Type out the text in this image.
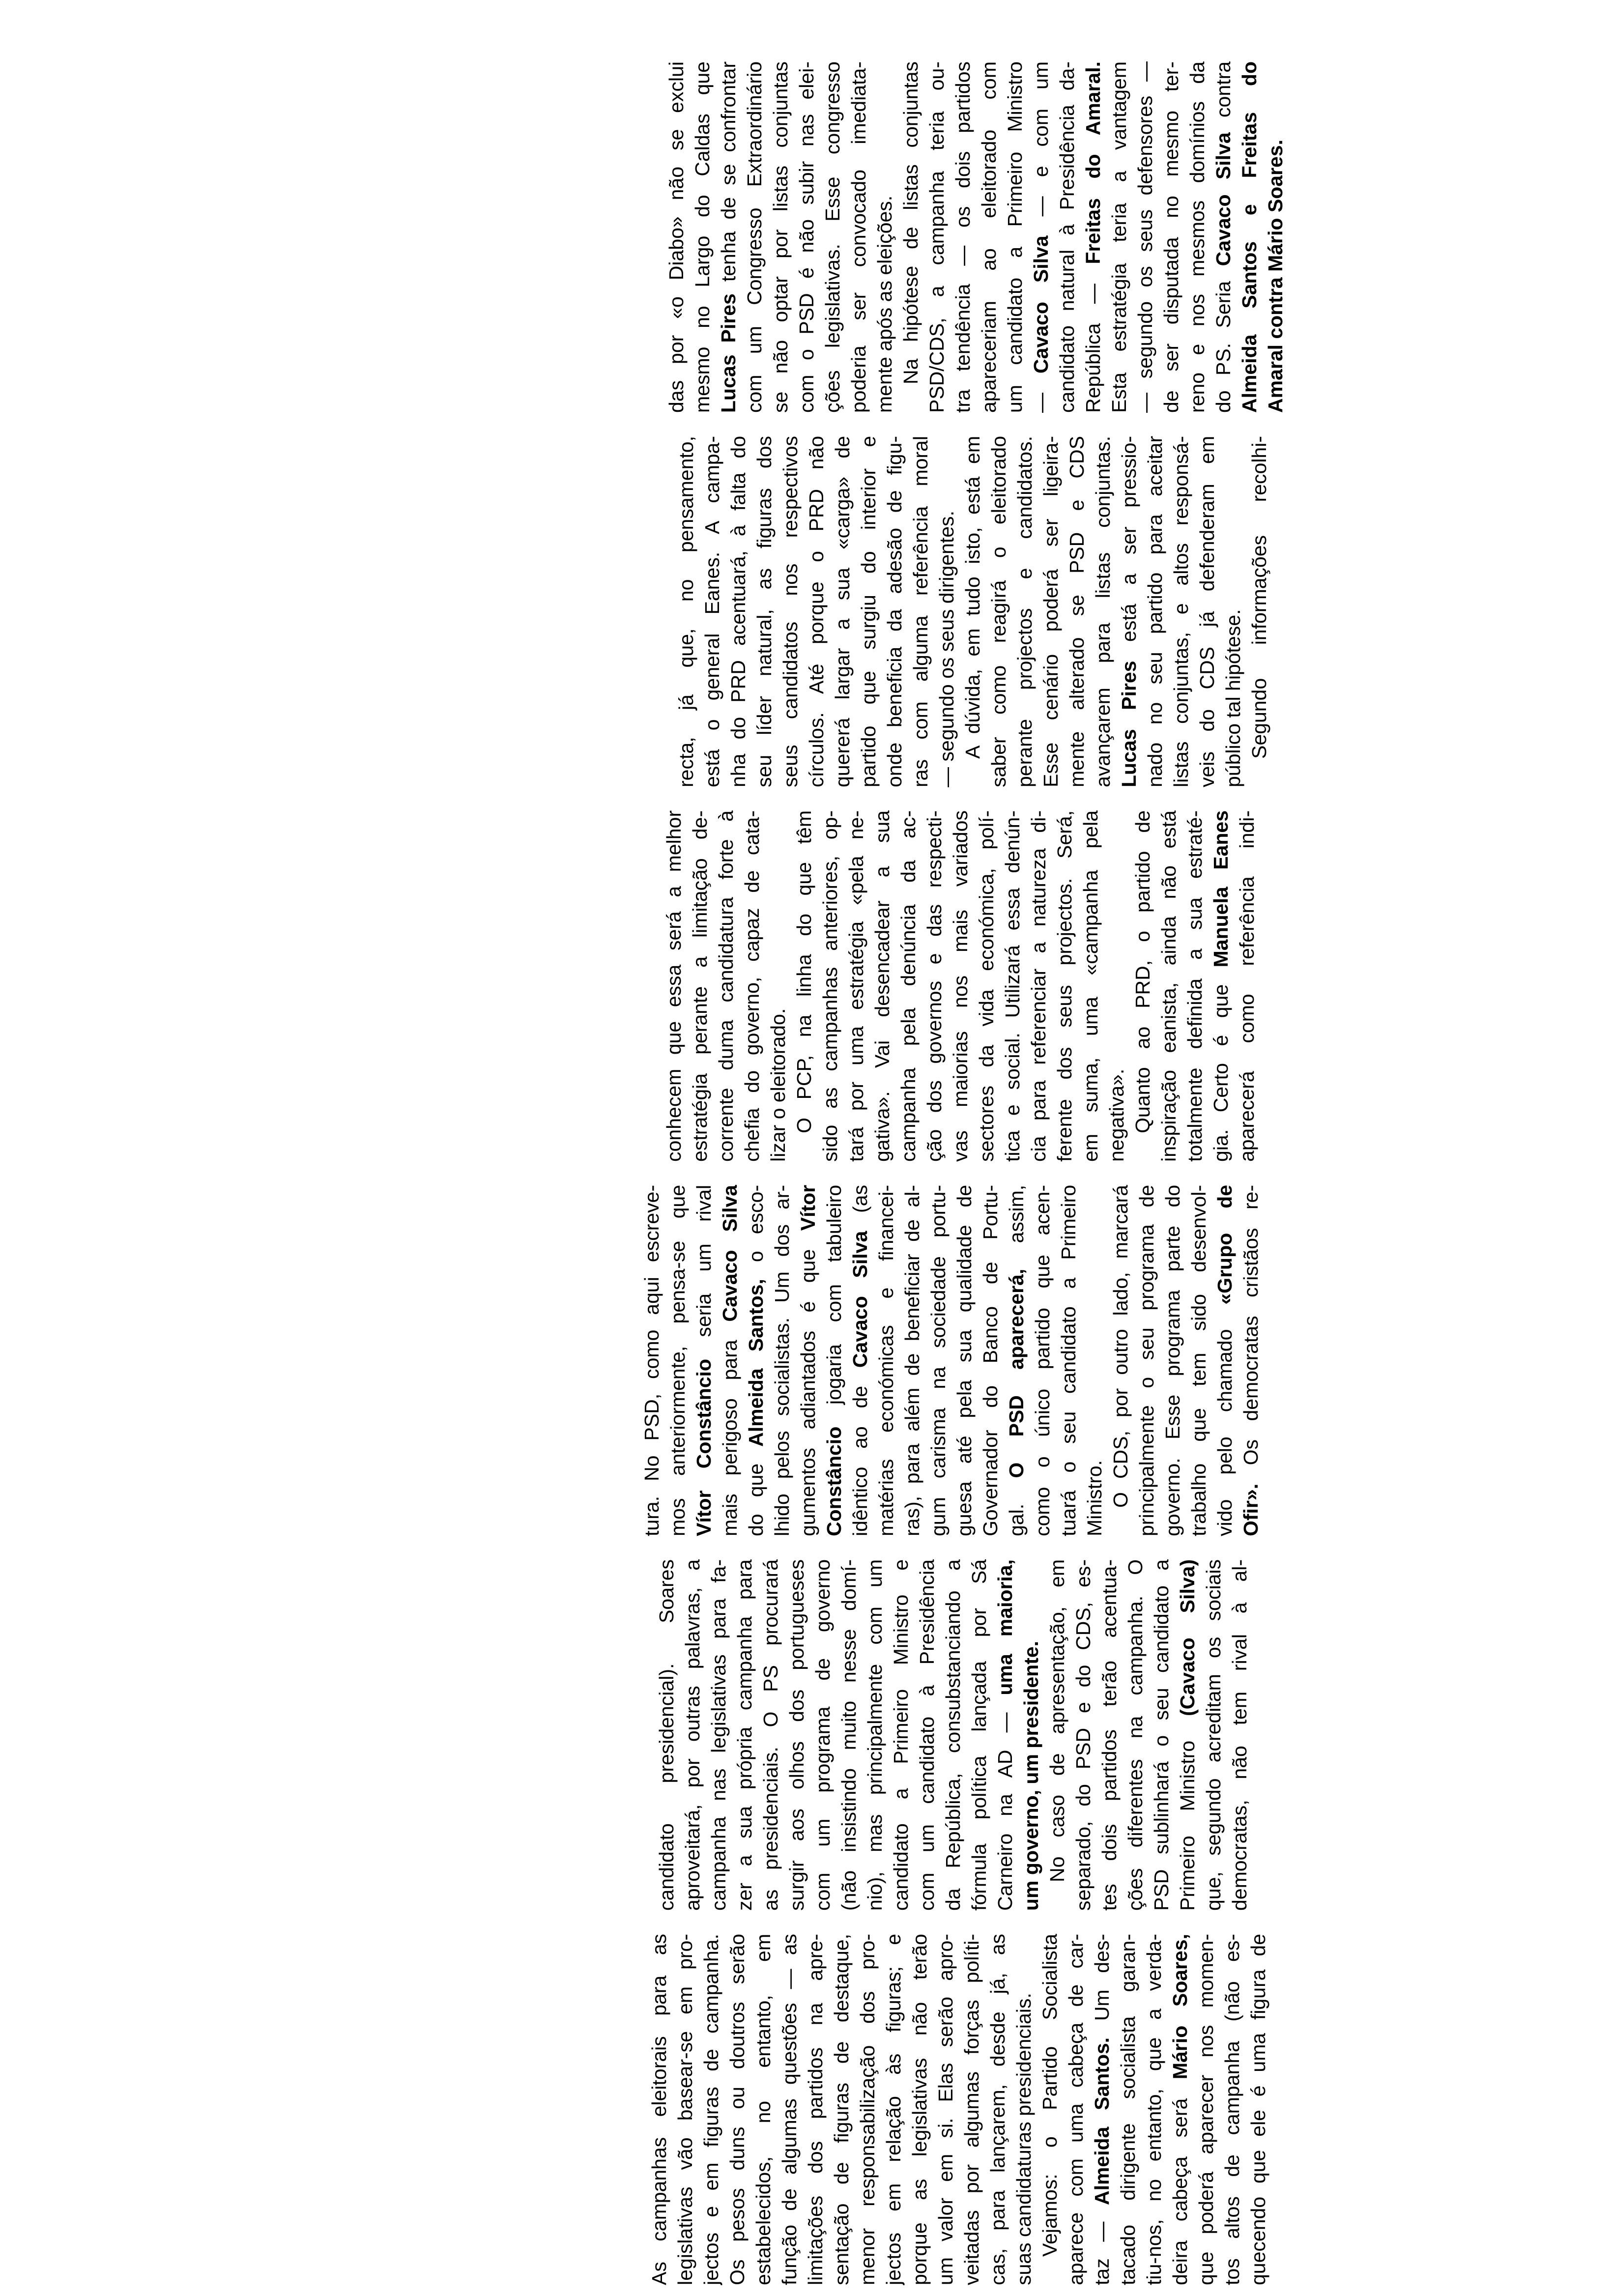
As campanhas eleitorais para as legislativas vão basear-se em pro- jectos e em figuras de campanha. Os pesos duns ou doutros serão estabelecidos, no entanto, em função de algumas questões — as limitações dos partidos na apre- sentação de figuras de destaque, menor responsabilização dos pro- jectos em relação às figuras; e porque as legislativas não terão um valor em si. Elas serão apro- veitadas por algumas forças políti- cas, para lançarem, desde já, as suas candidaturas presidenciais. Vejamos: o Partido Socialista aparece com uma cabeça de car- taz — Almeida Santos. Um des- tacado dirigente socialista garan- tiu-nos, no entanto, que a verda- deira cabeça será Mário Soares, que poderá aparecer nos momen- tos altos de campanha (não es- quecendo que ele é uma figura de
candidato presidencial). Soares aproveitará, por outras palavras, a campanha nas legislativas para fa- zer a sua própria campanha para as presidenciais. O PS procurará surgir aos olhos dos portugueses com um programa de governo (não insistindo muito nesse domí- nio), mas principalmente com um candidato a Primeiro Ministro e com um candidato à Presidência da República, consubstanciando a fórmula política lançada por Sá Carneiro na AD — uma maioria,
um governo, um presidente. No caso de apresentação, em separado, do PSD e do CDS, es- tes dois partidos terão acentua- ções diferentes na campanha. O PSD sublinhará o seu candidato a Primeiro Ministro (Cavaco Silva) que, segundo acreditam os sociais democratas, não tem rival à al-
tura. No PSD, como aqui escreve- mos anteriormente, pensa-se que Vítor Constâncio seria um rival
mais perigoso para Cavaco Silva
do que Almeida Santos, o esco- lhido pelos socialistas. Um dos ar- gumentos adiantados é que Vítor
Constâncio jogaria com tabuleiro
idêntico ao de Cavaco Silva (as matérias económicas e financei- ras), para além de beneficiar de al- gum carisma na sociedade portu- guesa até pela sua qualidade de Governador do Banco de Portu- gal. O PSD aparecerá, assim, como o único partido que acen- tuará o seu candidato a Primeiro Ministro. O CDS, por outro lado, marcará principalmente o seu programa de governo. Esse programa parte do trabalho que tem sido desenvol- vido pelo chamado «Grupo de
Ofir». Os democratas cristãos re-
conhecem que essa será a melhor estratégia perante a limitação de- corrente duma candidatura forte à chefia do governo, capaz de cata- lizar o eleitorado. O PCP, na linha do que têm sido as campanhas anteriores, op- tará por uma estratégia «pela ne- gativa». Vai desencadear a sua campanha pela denúncia da ac- ção dos governos e das respecti- vas maiorias nos mais variados sectores da vida económica, polí- tica e social. Utilizará essa denún- cia para referenciar a natureza di- ferente dos seus projectos. Será, em suma, uma «campanha pela negativa». Quanto ao PRD, o partido de inspiração eanista, ainda não está totalmente definida a sua estraté- gia. Certo é que Manuela Eanes aparecerá como referência indi-
recta, já que, no pensamento, está o general Eanes. A campa- nha do PRD acentuará, à falta do seu líder natural, as figuras dos seus candidatos nos respectivos círculos. Até porque o PRD não quererá largar a sua «carga» de partido que surgiu do interior e onde beneficia da adesão de figu- ras com alguma referência moral — segundo os seus dirigentes. A dúvida, em tudo isto, está em saber como reagirá o eleitorado perante projectos e candidatos. Esse cenário poderá ser ligeira- mente alterado se PSD e CDS avançarem para listas conjuntas. Lucas Pires está a ser pressio- nado no seu partido para aceitar listas conjuntas, e altos responsá- veis do CDS já defenderam em público tal hipótese. Segundo informações recolhi-
das por «o Diabo» não se exclui mesmo no Largo do Caldas que Lucas Pires tenha de se confrontar com um Congresso Extraordinário se não optar por listas conjuntas com o PSD é não subir nas elei- ções legislativas. Esse congresso poderia ser convocado imediata- mente após as eleições. Na hipótese de listas conjuntas PSD/CDS, a campanha teria ou- tra tendência — os dois partidos apareceriam ao eleitorado com um candidato a Primeiro Ministro — Cavaco Silva — e com um candidato natural à Presidência da- República — Freitas do Amaral. Esta estratégia teria a vantagem — segundo os seus defensores — de ser disputada no mesmo ter- reno e nos mesmos domínios da do PS. Seria Cavaco Silva contra Almeida Santos e Freitas do Amaral contra Mário Soares.
